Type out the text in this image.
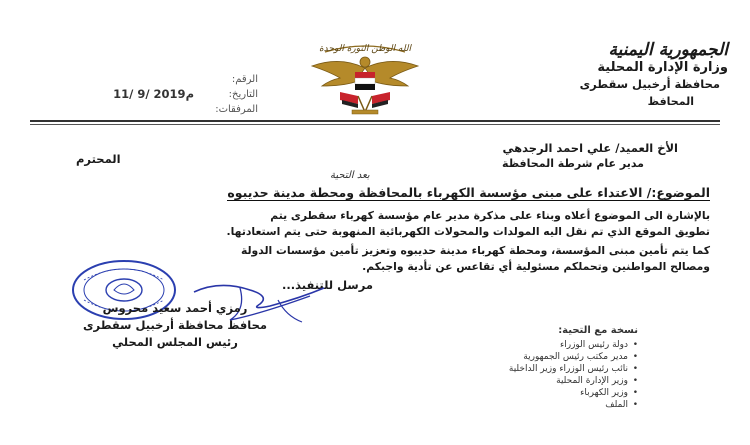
الجمهورية اليمنية
وزارة الإدارة المحلية
محافظة أرخبيل سقطرى
المحافظ
الله الوطن الثورة الوحدة
الرقم:
التاريخ:
11/ 9/ 2019م
المرفقات:
الأخ العميد/ علي احمد الرجدهي
مدير عام شرطة المحافظة
المحترم
بعد التحية
الموضوع:/ الاعتداء على مبنى مؤسسة الكهرباء بالمحافظة ومحطة مدينة حديبوه

بالإشارة الى الموضوع أعلاه وبناء على مذكرة مدير عام مؤسسة كهرباء سقطرى يتم

تطويق الموقع الذي تم نقل اليه المولدات والمحولات الكهربائية المنهوبة حتى يتم استعادتها.

كما يتم تأمين مبنى المؤسسة، ومحطة كهرباء مدينة حديبوه وتعزيز تأمين مؤسسات الدولة

ومصالح المواطنين وتحملكم مسئولية أي تقاعس عن تأدية واجبكم.

مرسل للتنفيذ...
رمزي أحمد سعيد محروس
محافظ محافظة أرخبيل سقطرى
رئيس المجلس المحلي
نسخة مع التحية:
• دولة رئيس الوزراء
• مدير مكتب رئيس الجمهورية
• نائب رئيس الوزراء وزير الداخلية
• وزير الإدارة المحلية
• وزير الكهرباء
• الملف
